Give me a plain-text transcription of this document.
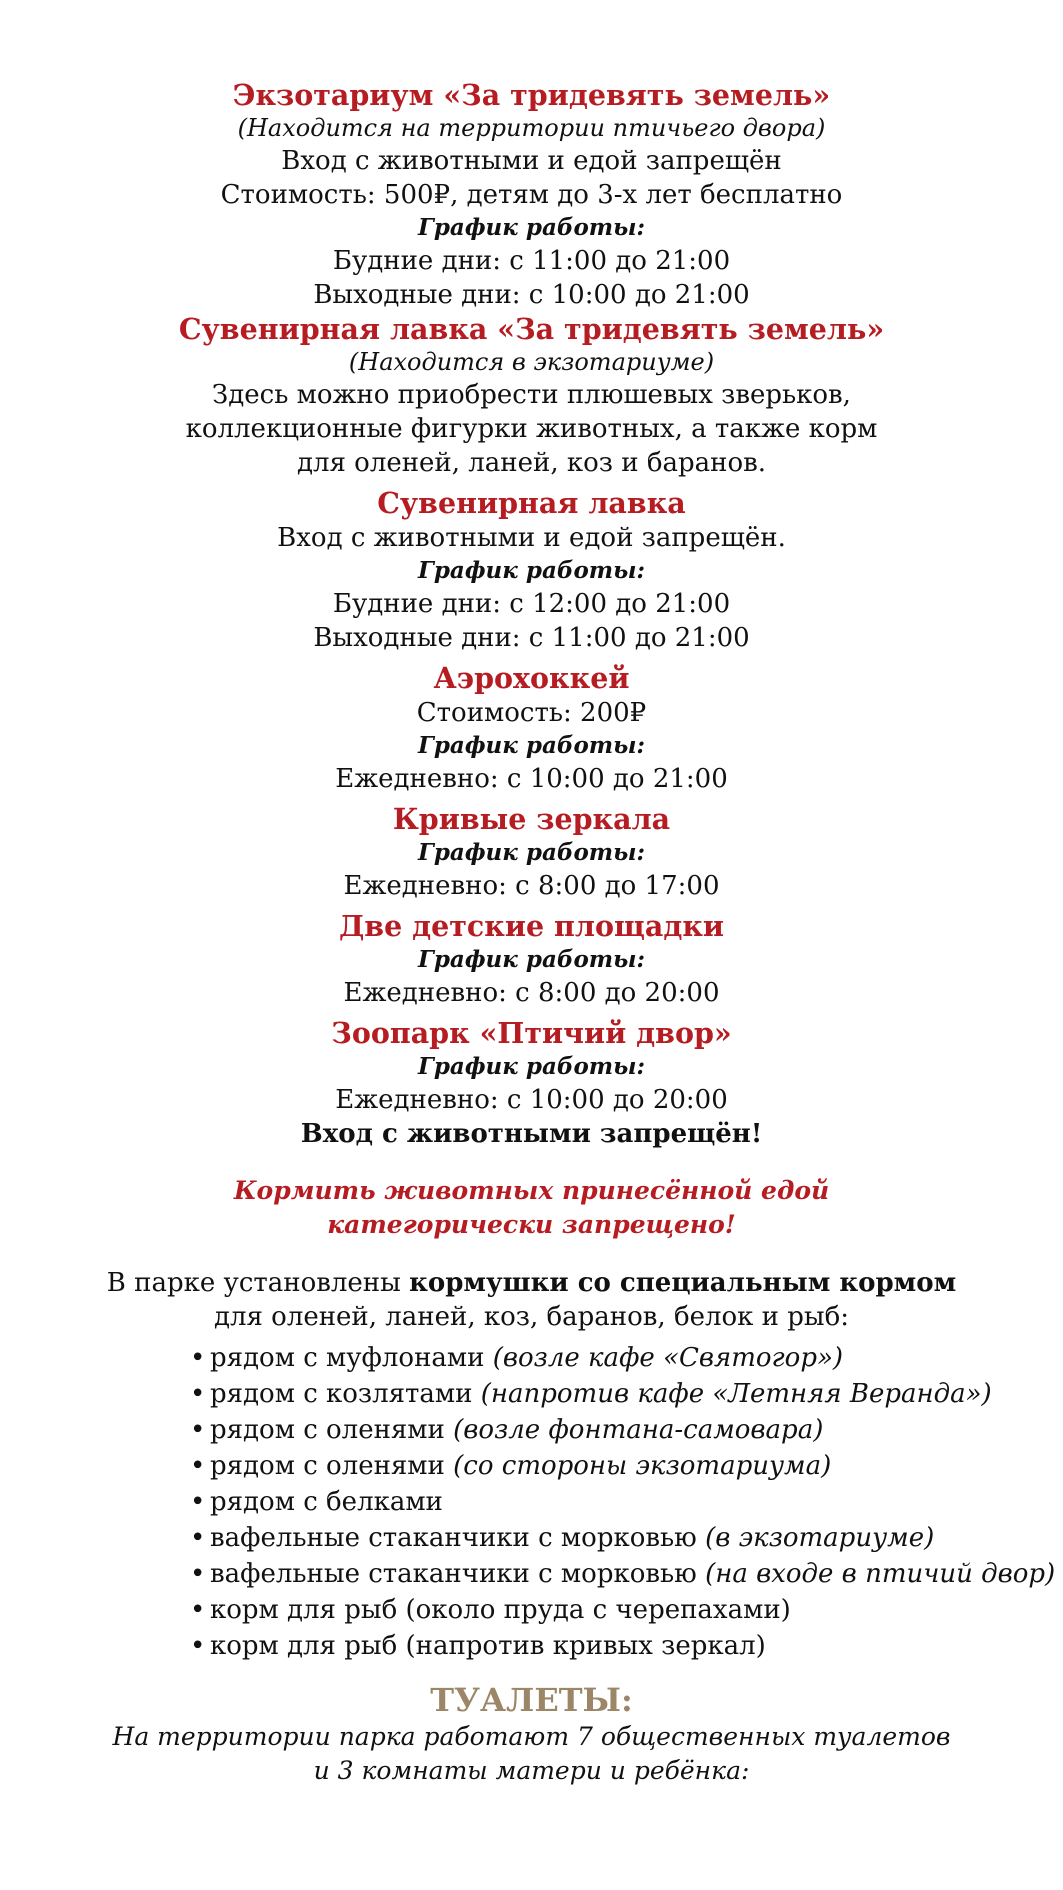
Экзотариум «За тридевять земель»
(Находится на территории птичьего двора)
Вход с животными и едой запрещён
Стоимость: 500₽, детям до 3-х лет бесплатно
График работы:
Будние дни: с 11:00 до 21:00
Выходные дни: с 10:00 до 21:00
Сувенирная лавка «За тридевять земель»
(Находится в экзотариуме)
Здесь можно приобрести плюшевых зверьков,
коллекционные фигурки животных, а также корм
для оленей, ланей, коз и баранов.
Сувенирная лавка
Вход с животными и едой запрещён.
График работы:
Будние дни: с 12:00 до 21:00
Выходные дни: с 11:00 до 21:00
Аэрохоккей
Стоимость: 200₽
График работы:
Ежедневно: с 10:00 до 21:00
Кривые зеркала
График работы:
Ежедневно: с 8:00 до 17:00
Две детские площадки
График работы:
Ежедневно: с 8:00 до 20:00
Зоопарк «Птичий двор»
График работы:
Ежедневно: с 10:00 до 20:00
Вход с животными запрещён!
Кормить животных принесённой едой
категорически запрещено!
В парке установлены кормушки со специальным кормом
для оленей, ланей, коз, баранов, белок и рыб:
• рядом с муфлонами (возле кафе «Святогор»)
• рядом с козлятами (напротив кафе «Летняя Веранда»)
• рядом с оленями (возле фонтана-самовара)
• рядом с оленями (со стороны экзотариума)
• рядом с белками
• вафельные стаканчики с морковью (в экзотариуме)
• вафельные стаканчики с морковью (на входе в птичий двор)
• корм для рыб (около пруда с черепахами)
• корм для рыб (напротив кривых зеркал)
ТУАЛЕТЫ:
На территории парка работают 7 общественных туалетов
и 3 комнаты матери и ребёнка:
